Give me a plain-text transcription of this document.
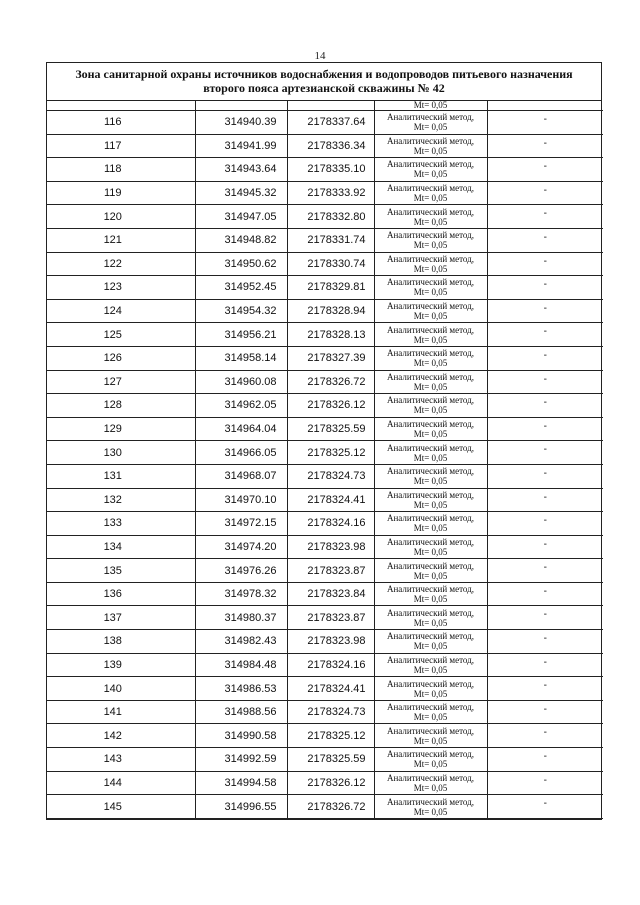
14
Зона санитарной охраны источников водоснабжения и водопроводов питьевого назначения
второго пояса артезианской скважины № 42
			Mt= 0,05	
116	314940.39	2178337.64	Аналитический метод,
Mt= 0,05	-
117	314941.99	2178336.34	Аналитический метод,
Mt= 0,05	-
118	314943.64	2178335.10	Аналитический метод,
Mt= 0,05	-
119	314945.32	2178333.92	Аналитический метод,
Mt= 0,05	-
120	314947.05	2178332.80	Аналитический метод,
Mt= 0,05	-
121	314948.82	2178331.74	Аналитический метод,
Mt= 0,05	-
122	314950.62	2178330.74	Аналитический метод,
Mt= 0,05	-
123	314952.45	2178329.81	Аналитический метод,
Mt= 0,05	-
124	314954.32	2178328.94	Аналитический метод,
Mt= 0,05	-
125	314956.21	2178328.13	Аналитический метод,
Mt= 0,05	-
126	314958.14	2178327.39	Аналитический метод,
Mt= 0,05	-
127	314960.08	2178326.72	Аналитический метод,
Mt= 0,05	-
128	314962.05	2178326.12	Аналитический метод,
Mt= 0,05	-
129	314964.04	2178325.59	Аналитический метод,
Mt= 0,05	-
130	314966.05	2178325.12	Аналитический метод,
Mt= 0,05	-
131	314968.07	2178324.73	Аналитический метод,
Mt= 0,05	-
132	314970.10	2178324.41	Аналитический метод,
Mt= 0,05	-
133	314972.15	2178324.16	Аналитический метод,
Mt= 0,05	-
134	314974.20	2178323.98	Аналитический метод,
Mt= 0,05	-
135	314976.26	2178323.87	Аналитический метод,
Mt= 0,05	-
136	314978.32	2178323.84	Аналитический метод,
Mt= 0,05	-
137	314980.37	2178323.87	Аналитический метод,
Mt= 0,05	-
138	314982.43	2178323.98	Аналитический метод,
Mt= 0,05	-
139	314984.48	2178324.16	Аналитический метод,
Mt= 0,05	-
140	314986.53	2178324.41	Аналитический метод,
Mt= 0,05	-
141	314988.56	2178324.73	Аналитический метод,
Mt= 0,05	-
142	314990.58	2178325.12	Аналитический метод,
Mt= 0,05	-
143	314992.59	2178325.59	Аналитический метод,
Mt= 0,05	-
144	314994.58	2178326.12	Аналитический метод,
Mt= 0,05	-
145	314996.55	2178326.72	Аналитический метод,
Mt= 0,05	-
